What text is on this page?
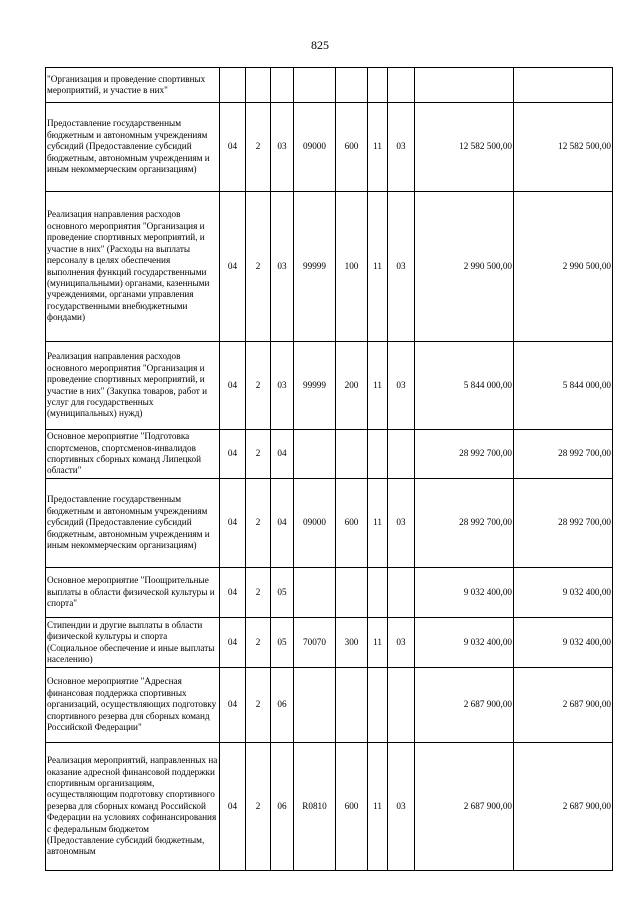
825
"Организация и проведение спортивных мероприятий, и участие в них"									
Предоставление государственным бюджетным и автономным учреждениям субсидий (Предоставление субсидий бюджетным, автономным учреждениям и иным некоммерческим организациям)	04	2	03	09000	600	11	03	12 582 500,00	12 582 500,00
Реализация направления расходов основного мероприятия "Организация и проведение спортивных мероприятий, и участие в них" (Расходы на выплаты персоналу в целях обеспечения выполнения функций государственными (муниципальными) органами, казенными учреждениями, органами управления государственными внебюджетными фондами)	04	2	03	99999	100	11	03	2 990 500,00	2 990 500,00
Реализация направления расходов основного мероприятия "Организация и проведение спортивных мероприятий, и участие в них" (Закупка товаров, работ и услуг для государственных (муниципальных) нужд)	04	2	03	99999	200	11	03	5 844 000,00	5 844 000,00
Основное мероприятие "Подготовка спортсменов, спортсменов-инвалидов спортивных сборных команд Липецкой области"	04	2	04					28 992 700,00	28 992 700,00
Предоставление государственным бюджетным и автономным учреждениям субсидий (Предоставление субсидий бюджетным, автономным учреждениям и иным некоммерческим организациям)	04	2	04	09000	600	11	03	28 992 700,00	28 992 700,00
Основное мероприятие "Поощрительные выплаты в области физической культуры и спорта"	04	2	05					9 032 400,00	9 032 400,00
Стипендии и другие выплаты в области физической культуры и спорта (Социальное обеспечение и иные выплаты населению)	04	2	05	70070	300	11	03	9 032 400,00	9 032 400,00
Основное мероприятие "Адресная финансовая поддержка спортивных организаций, осуществляющих подготовку спортивного резерва для сборных команд Российской Федерации"	04	2	06					2 687 900,00	2 687 900,00
Реализация мероприятий, направленных на оказание адресной финансовой поддержки спортивным организациям, осуществляющим подготовку спортивного резерва для сборных команд Российской Федерации на условиях софинансирования с федеральным бюджетом (Предоставление субсидий бюджетным, автономным	04	2	06	R0810	600	11	03	2 687 900,00	2 687 900,00
